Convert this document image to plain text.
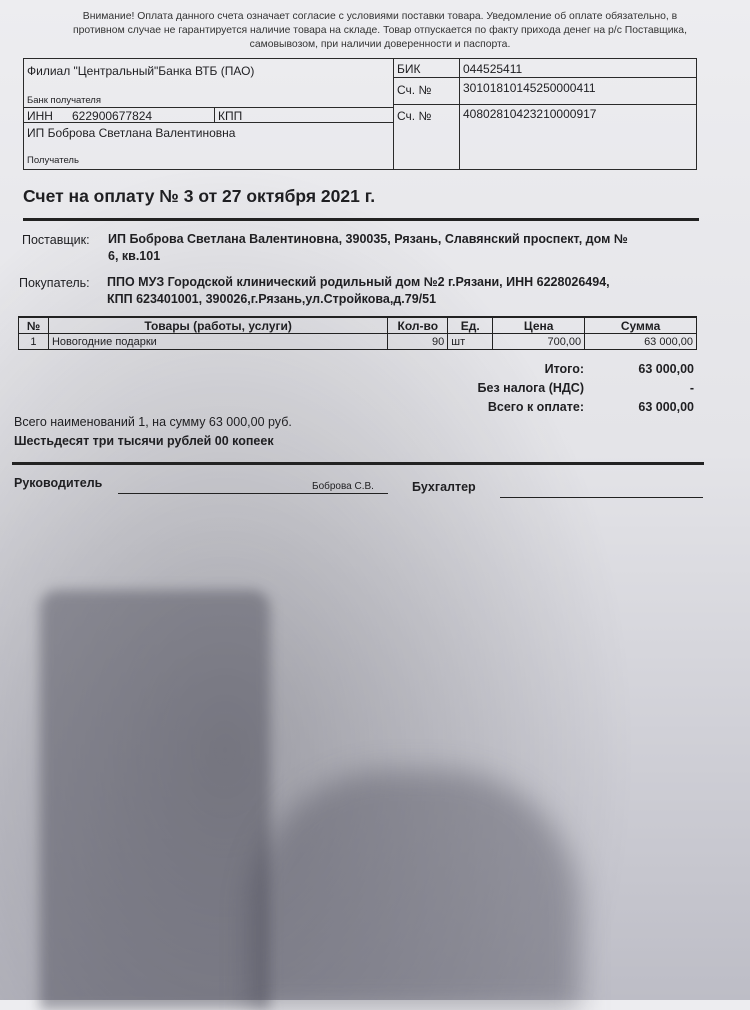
Внимание! Оплата данного счета означает согласие с условиями поставки товара. Уведомление об оплате обязательно, в противном случае не гарантируется наличие товара на складе. Товар отпускается по факту прихода денег на р/с Поставщика, самовывозом, при наличии доверенности и паспорта.
Филиал "Центральный"Банка ВТБ (ПАО)
Банк получателя
БИК	044525411
Сч. №	30101810145250000411
ИНН 622900677824	КПП	Сч. №	40802810423210000917
ИП Боброва Светлана Валентиновна
Получатель
Счет на оплату № 3 от 27 октября 2021 г.
Поставщик: ИП Боброва Светлана Валентиновна, 390035, Рязань, Славянский проспект, дом №
6, кв.101
Покупатель: ППО МУЗ Городской клинический родильный дом №2 г.Рязани, ИНН 6228026494,
КПП 623401001, 390026,г.Рязань,ул.Стройкова,д.79/51
№	Товары (работы, услуги)	Кол-во	Ед.	Цена	Сумма
1	Новогодние подарки	90	шт	700,00	63 000,00
Итого:	63 000,00
Без налога (НДС)	-
Всего к оплате:	63 000,00
Всего наименований 1, на сумму 63 000,00 руб.
Шестьдесят три тысячи рублей 00 копеек
Руководитель	Боброва С.В.	Бухгалтер
